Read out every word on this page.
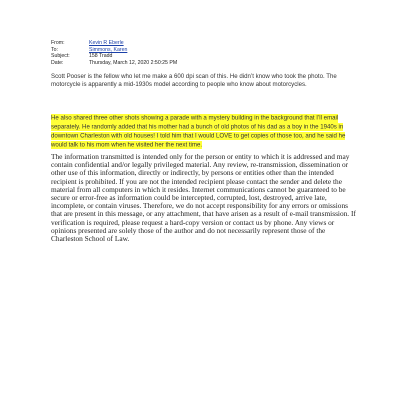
From:	Kevin R Eberle
To:	Simmons, Karen
Subject:	158 Tradd
Date:	Thursday, March 12, 2020 2:50:25 PM

Scott Pooser is the fellow who let me make a 600 dpi scan of this. He didn’t know who took the photo. The motorcycle is apparently a mid-1930s model according to people who know about motorcycles.

He also shared three other shots showing a parade with a mystery building in the background that I’ll email separately. He randomly added that his mother had a bunch of old photos of his dad as a boy in the 1940s in downtown Charleston with old houses! I told him that I would LOVE to get copies of those too, and he said he would talk to his mom when he visited her the next time.

The information transmitted is intended only for the person or entity to which it is addressed and may contain confidential and/or legally privileged material. Any review, re-transmission, dissemination or other use of this information, directly or indirectly, by persons or entities other than the intended recipient is prohibited. If you are not the intended recipient please contact the sender and delete the material from all computers in which it resides. Internet communications cannot be guaranteed to be secure or error-free as information could be intercepted, corrupted, lost, destroyed, arrive late, incomplete, or contain viruses. Therefore, we do not accept responsibility for any errors or omissions that are present in this message, or any attachment, that have arisen as a result of e-mail transmission. If verification is required, please request a hard-copy version or contact us by phone. Any views or opinions presented are solely those of the author and do not necessarily represent those of the Charleston School of Law.
